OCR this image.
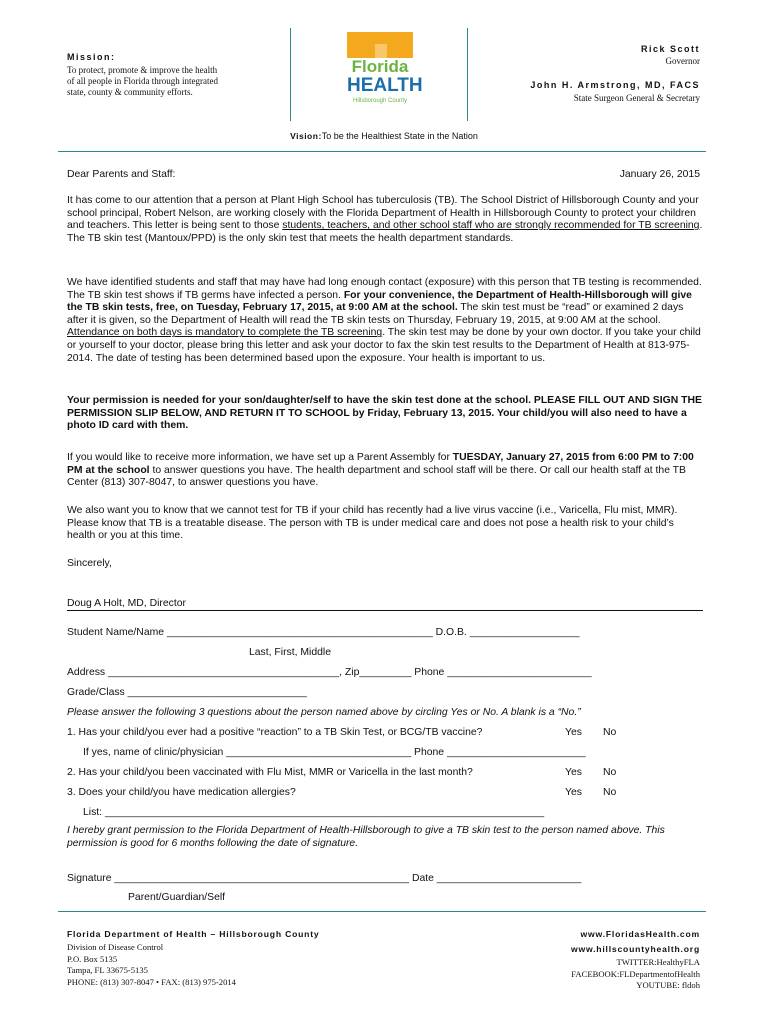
Mission:
To protect, promote & improve the health
of all people in Florida through integrated
state, county & community efforts.
Florida
HEALTH
Hillsborough County
Rick Scott
Governor
John H. Armstrong, MD, FACS
State Surgeon General & Secretary
Vision:To be the Healthiest State in the Nation
Dear Parents and Staff:	January 26, 2015
It has come to our attention that a person at Plant High School has tuberculosis (TB). The School District of Hillsborough County and your school principal, Robert Nelson, are working closely with the Florida Department of Health in Hillsborough County to protect your children and teachers. This letter is being sent to those students, teachers, and other school staff who are strongly recommended for TB screening. The TB skin test (Mantoux/PPD) is the only skin test that meets the health department standards.
We have identified students and staff that may have had long enough contact (exposure) with this person that TB testing is recommended. The TB skin test shows if TB germs have infected a person. For your convenience, the Department of Health-Hillsborough will give the TB skin tests, free, on Tuesday, February 17, 2015, at 9:00 AM at the school. The skin test must be “read” or examined 2 days after it is given, so the Department of Health will read the TB skin tests on Thursday, February 19, 2015, at 9:00 AM at the school. Attendance on both days is mandatory to complete the TB screening. The skin test may be done by your own doctor. If you take your child or yourself to your doctor, please bring this letter and ask your doctor to fax the skin test results to the Department of Health at 813-975-2014. The date of testing has been determined based upon the exposure. Your health is important to us.
Your permission is needed for your son/daughter/self to have the skin test done at the school. PLEASE FILL OUT AND SIGN THE PERMISSION SLIP BELOW, AND RETURN IT TO SCHOOL by Friday, February 13, 2015. Your child/you will also need to have a photo ID card with them.
If you would like to receive more information, we have set up a Parent Assembly for TUESDAY, January 27, 2015 from 6:00 PM to 7:00 PM at the school to answer questions you have. The health department and school staff will be there. Or call our health staff at the TB Center (813) 307-8047, to answer questions you have.
We also want you to know that we cannot test for TB if your child has recently had a live virus vaccine (i.e., Varicella, Flu mist, MMR). Please know that TB is a treatable disease. The person with TB is under medical care and does not pose a health risk to your child’s health or you at this time.
Sincerely,
Doug A Holt, MD, Director
Student Name/Name ______________________________________________ D.O.B. ___________________
Last, First, Middle
Address ________________________________________, Zip_________ Phone _________________________
Grade/Class _______________________________
Please answer the following 3 questions about the person named above by circling Yes or No. A blank is a “No.”
1. Has your child/you ever had a positive “reaction” to a TB Skin Test, or BCG/TB vaccine?	Yes No
If yes, name of clinic/physician ________________________________ Phone ________________________
2. Has your child/you been vaccinated with Flu Mist, MMR or Varicella in the last month?	Yes No
3. Does your child/you have medication allergies?	Yes No
List: ____________________________________________________________________________
I hereby grant permission to the Florida Department of Health-Hillsborough to give a TB skin test to the person named above. This permission is good for 6 months following the date of signature.
Signature ___________________________________________________ Date _________________________
Parent/Guardian/Self
Florida Department of Health – Hillsborough County
Division of Disease Control
P.O. Box 5135
Tampa, FL 33675-5135
PHONE: (813) 307-8047 • FAX: (813) 975-2014
www.FloridasHealth.com
www.hillscountyhealth.org
TWITTER:HealthyFLA
FACEBOOK:FLDepartmentofHealth
YOUTUBE: fldoh
